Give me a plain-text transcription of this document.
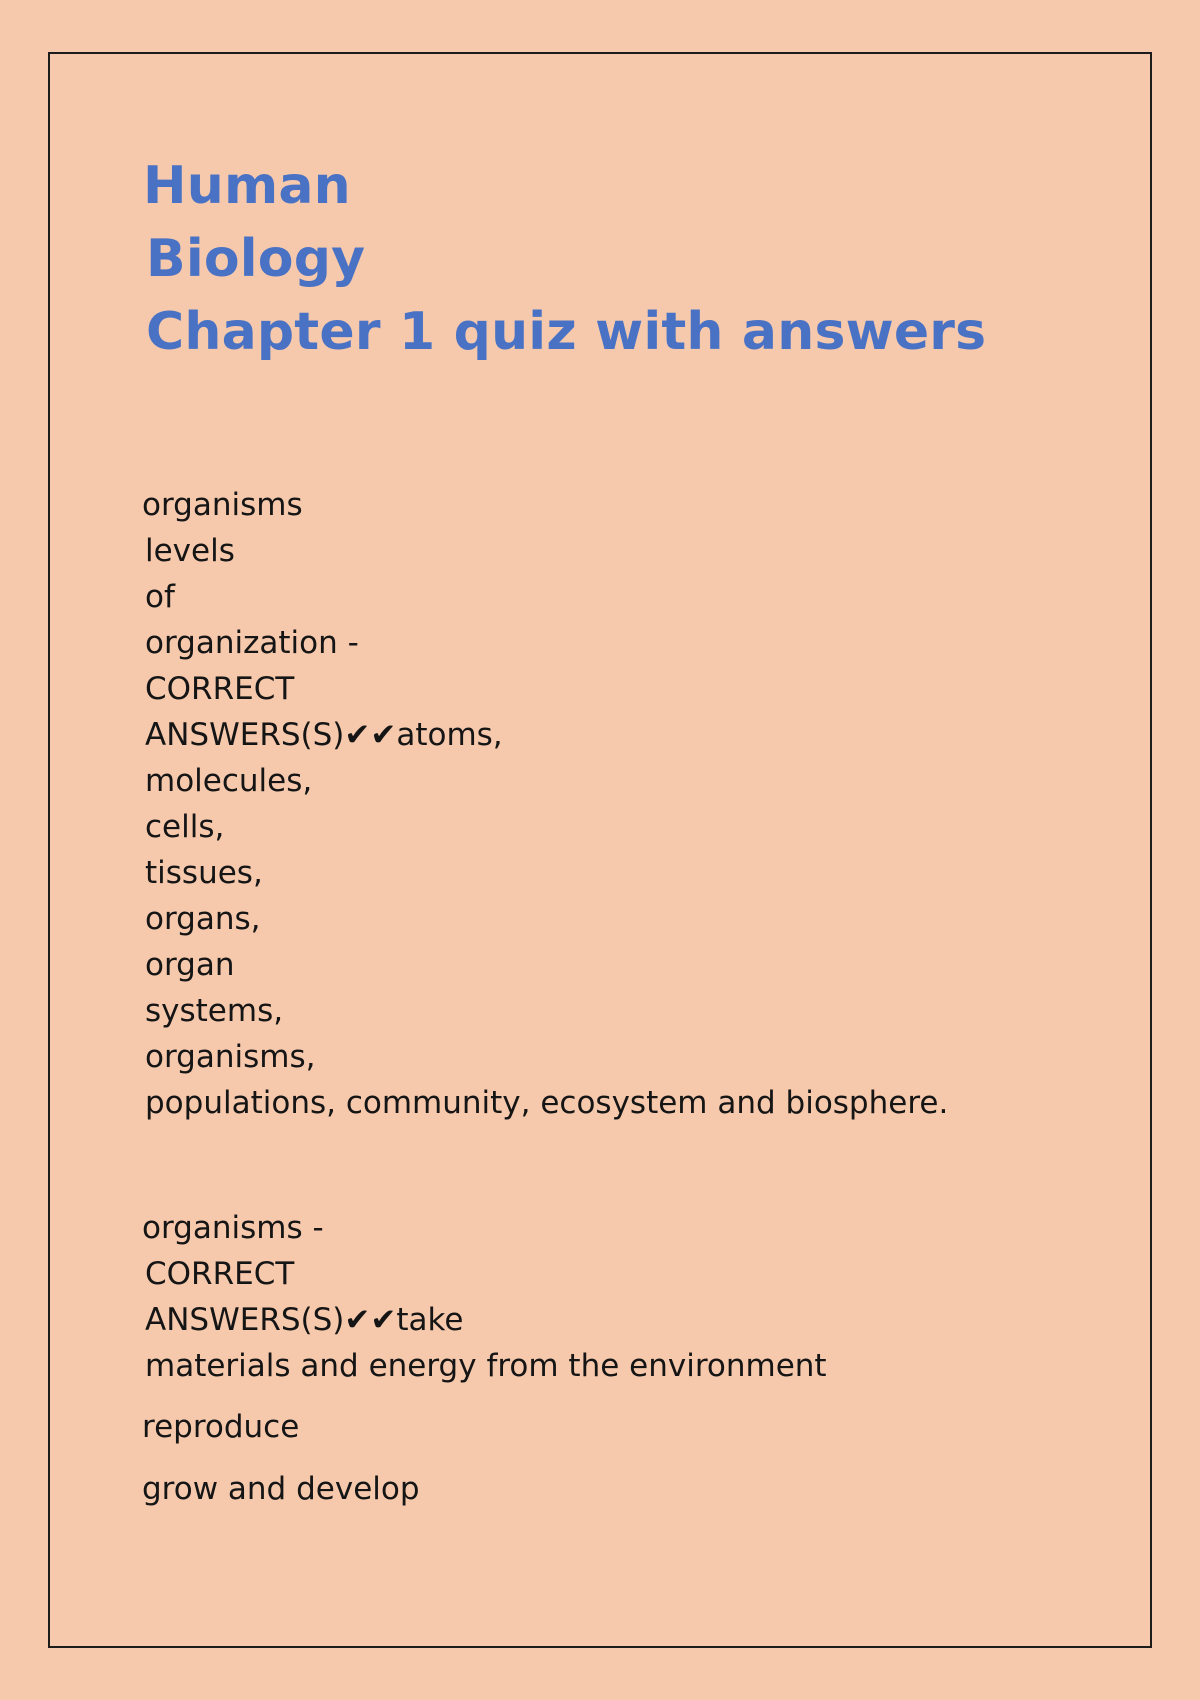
Human
Biology
Chapter 1 quiz with answers
organisms
levels
of
organization -
CORRECT
ANSWERS(S)✔✔atoms,
molecules,
cells,
tissues,
organs,
organ
systems,
organisms,
populations, community, ecosystem and biosphere.
organisms -
CORRECT
ANSWERS(S)✔✔take
materials and energy from the environment

reproduce

grow and develop
